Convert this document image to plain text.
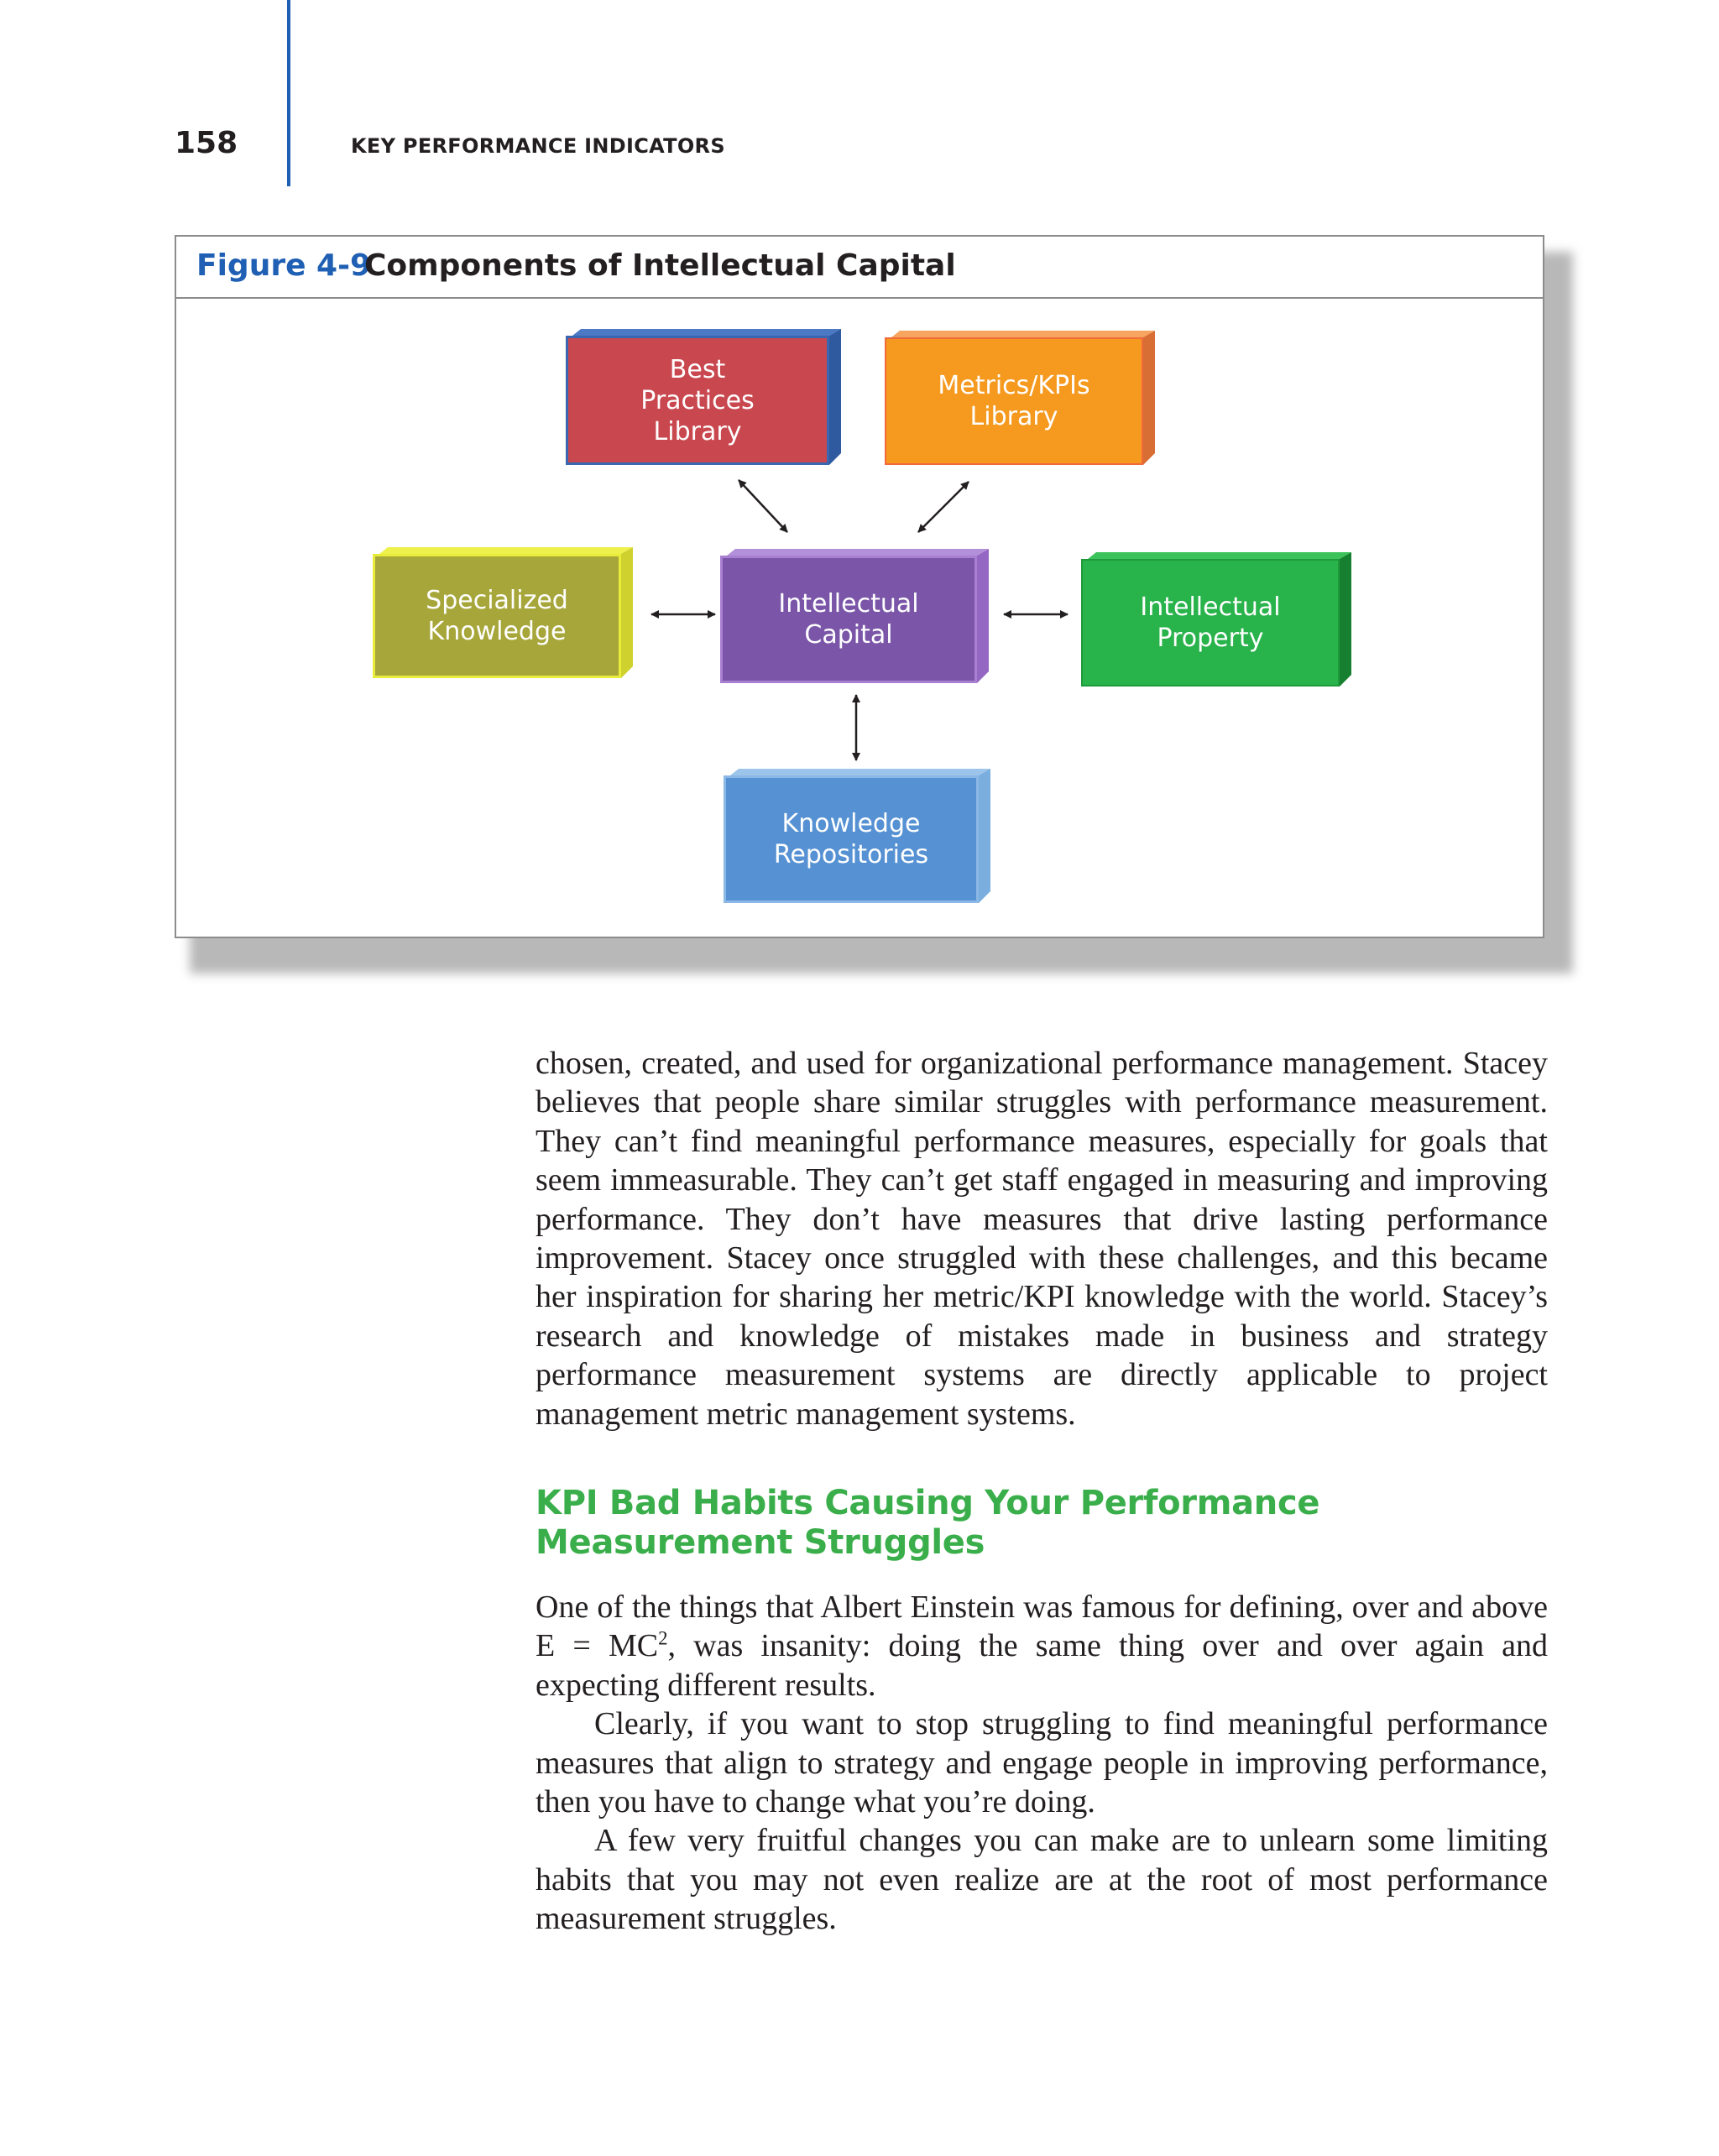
158	KEY PERFORMANCE INDICATORS
Figure 4-9
Components of Intellectual Capital
Best
Practices
Library
Metrics/KPIs
Library
Specialized
Knowledge
Intellectual
Capital
Intellectual
Property
Knowledge
Repositories

chosen, created, and used for organizational performance management. Stacey believes that people share similar struggles with performance measurement. They can’t find meaningful performance measures, especially for goals that seem immeasurable. They can’t get staff engaged in measuring and improving performance. They don’t have measures that drive lasting performance improvement. Stacey once struggled with these challenges, and this became her inspiration for sharing her metric/KPI knowledge with the world. Stacey’s research and knowledge of mistakes made in business and strategy performance measurement systems are directly applicable to project management metric management systems.

KPI Bad Habits Causing Your Performance Measurement Struggles

One of the things that Albert Einstein was famous for defining, over and above $E = MC^2$, was insanity: doing the same thing over and over again and expecting different results.

Clearly, if you want to stop struggling to find meaningful performance measures that align to strategy and engage people in improving performance, then you have to change what you’re doing.

A few very fruitful changes you can make are to unlearn some limiting habits that you may not even realize are at the root of most performance measurement struggles.
